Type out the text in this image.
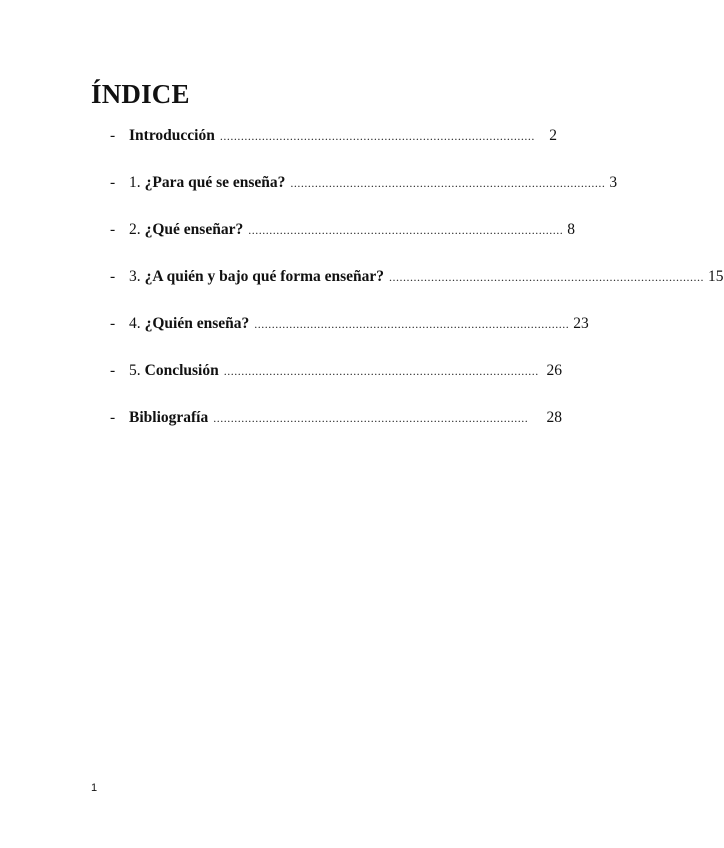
ÍNDICE
- Introducción .......................................................................................... 2
- 1. ¿Para qué se enseña? .......................................................................................... 3
- 2. ¿Qué enseñar? .......................................................................................... 8
- 3. ¿A quién y bajo qué forma enseñar? .......................................................................................... 15
- 4. ¿Quién enseña? .......................................................................................... 23
- 5. Conclusión .......................................................................................... 26
- Bibliografía ..........................................................................................	28
1
